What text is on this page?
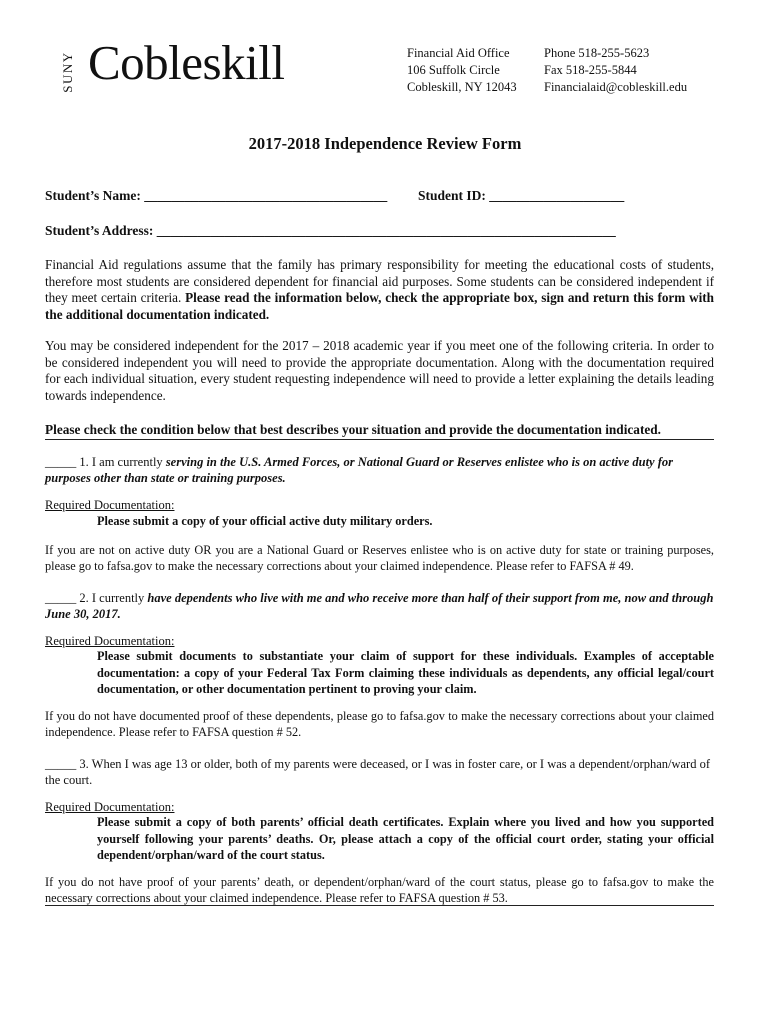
SUNY Cobleskill	Financial Aid Office
106 Suffolk Circle
Cobleskill, NY 12043
Phone 518-255-5623
Fax 518-255-5844
Financialaid@cobleskill.edu
2017-2018 Independence Review Form
Student’s Name: ____________________________________ Student ID: ____________________
Student’s Address: ____________________________________________________________________
Financial Aid regulations assume that the family has primary responsibility for meeting the educational costs of students, therefore most students are considered dependent for financial aid purposes. Some students can be considered independent if they meet certain criteria. Please read the information below, check the appropriate box, sign and return this form with the additional documentation indicated.
You may be considered independent for the 2017 – 2018 academic year if you meet one of the following criteria. In order to be considered independent you will need to provide the appropriate documentation. Along with the documentation required for each individual situation, every student requesting independence will need to provide a letter explaining the details leading towards independence.
Please check the condition below that best describes your situation and provide the documentation indicated.
_____ 1. I am currently serving in the U.S. Armed Forces, or National Guard or Reserves enlistee who is on active duty for purposes other than state or training purposes.
Required Documentation:
Please submit a copy of your official active duty military orders.
If you are not on active duty OR you are a National Guard or Reserves enlistee who is on active duty for state or training purposes, please go to fafsa.gov to make the necessary corrections about your claimed independence. Please refer to FAFSA # 49.
_____ 2. I currently have dependents who live with me and who receive more than half of their support from me, now and through June 30, 2017.
Required Documentation:
Please submit documents to substantiate your claim of support for these individuals. Examples of acceptable documentation: a copy of your Federal Tax Form claiming these individuals as dependents, any official legal/court documentation, or other documentation pertinent to proving your claim.
If you do not have documented proof of these dependents, please go to fafsa.gov to make the necessary corrections about your claimed independence. Please refer to FAFSA question # 52.
_____ 3. When I was age 13 or older, both of my parents were deceased, or I was in foster care, or I was a dependent/orphan/ward of the court.
Required Documentation:
Please submit a copy of both parents’ official death certificates. Explain where you lived and how you supported yourself following your parents’ deaths. Or, please attach a copy of the official court order, stating your official dependent/orphan/ward of the court status.
If you do not have proof of your parents’ death, or dependent/orphan/ward of the court status, please go to fafsa.gov to make the necessary corrections about your claimed independence. Please refer to FAFSA question # 53.
